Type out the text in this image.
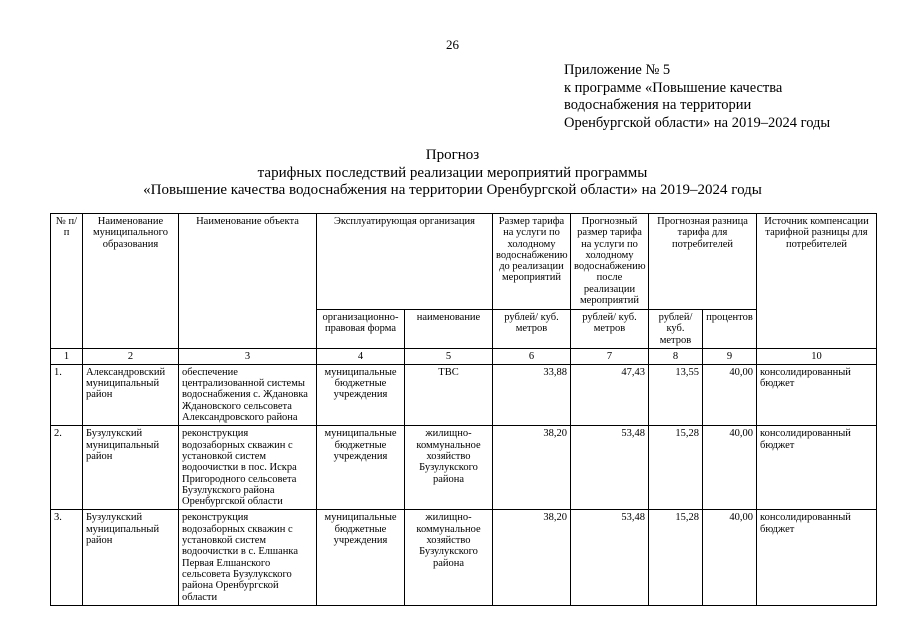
26
Приложение № 5
к программе «Повышение качества
водоснабжения на территории
Оренбургской области» на 2019–2024 годы
Прогноз
тарифных последствий реализации мероприятий программы
«Повышение качества водоснабжения на территории Оренбургской области» на 2019–2024 годы
№ п/п	Наименование муниципального образования	Наименование объекта	Эксплуатирующая организация		Размер тарифа на услуги по холодному водоснабжению до реализации мероприятий	Прогнозный размер тарифа на услуги по холодному водоснабжению после реализации мероприятий	Прогнозная разница тарифа для потребителей		Источник компенсации тарифной разницы для потребителей
			организационно-правовая форма	наименование	рублей/ куб. метров	рублей/ куб. метров	рублей/ куб. метров	процентов	
1	2	3	4	5	6	7	8	9	10
1.	Александровский муниципальный район	обеспечение централизованной системы водоснабжения с. Ждановка Ждановского сельсовета Александровского района	муниципальные бюджетные учреждения	ТВС	33,88	47,43	13,55	40,00	консолидированный бюджет
2.	Бузулукский муниципальный район	реконструкция водозаборных скважин с установкой систем водоочистки в пос. Искра Пригородного сельсовета Бузулукского района Оренбургской области	муниципальные бюджетные учреждения	жилищно-коммунальное хозяйство Бузулукского района	38,20	53,48	15,28	40,00	консолидированный бюджет
3.	Бузулукский муниципальный район	реконструкция водозаборных скважин с установкой систем водоочистки в с. Елшанка Первая Елшанского сельсовета Бузулукского района Оренбургской области	муниципальные бюджетные учреждения	жилищно-коммунальное хозяйство Бузулукского района	38,20	53,48	15,28	40,00	консолидированный бюджет
